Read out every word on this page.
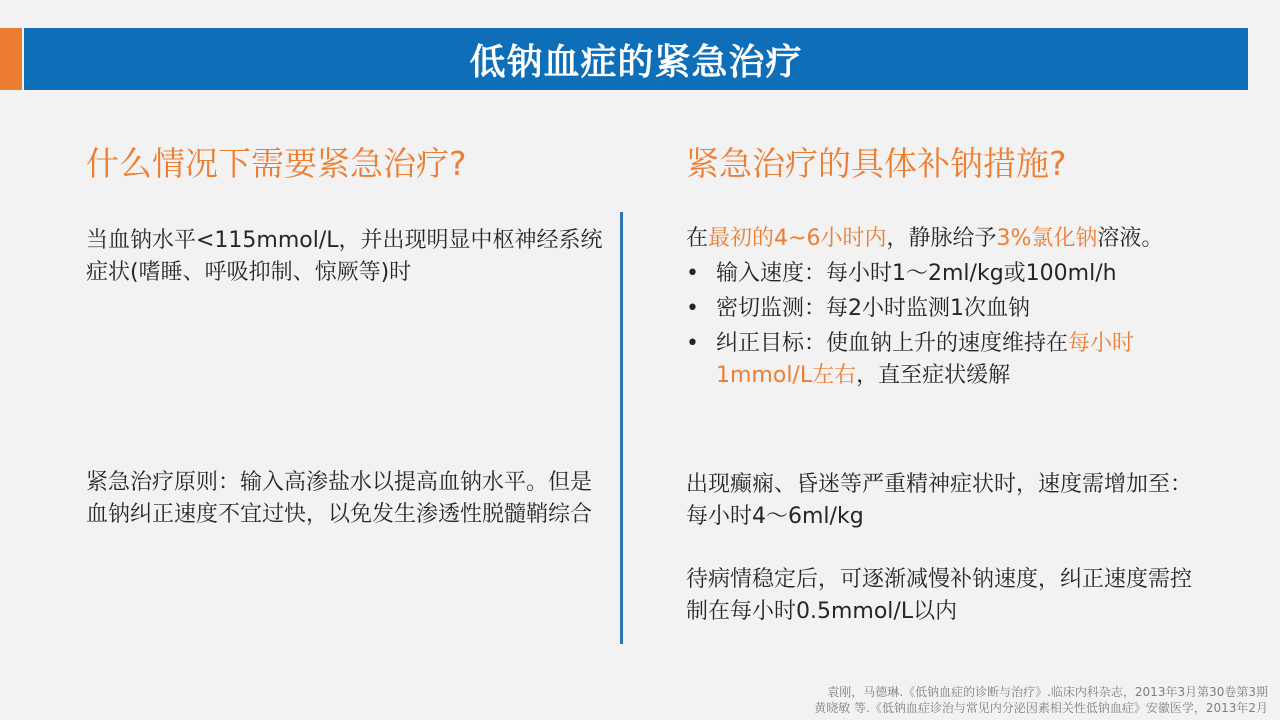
低钠血症的紧急治疗
什么情况下需要紧急治疗?

当血钠水平<115mmol/L，并出现明显中枢神经系统症状(嗜睡、呼吸抑制、惊厥等)时

紧急治疗原则：输入高渗盐水以提高血钠水平。但是血钠纠正速度不宜过快，以免发生渗透性脱髓鞘综合

紧急治疗的具体补钠措施?

在最初的4~6小时内，静脉给予3%氯化钠溶液。

• 输入速度：每小时1～2ml/kg或100ml/h
• 密切监测：每2小时监测1次血钠
• 纠正目标：使血钠上升的速度维持在每小时1mmol/L左右，直至症状缓解

出现癫痫、昏迷等严重精神症状时，速度需增加至：每小时4～6ml/kg

待病情稳定后，可逐渐减慢补钠速度，纠正速度需控制在每小时0.5mmol/L以内

袁刚，马德琳.《低钠血症的诊断与治疗》.临床内科杂志，2013年3月第30卷第3期
黄晓敏 等.《低钠血症诊治与常见内分泌因素相关性低钠血症》安徽医学，2013年2月
